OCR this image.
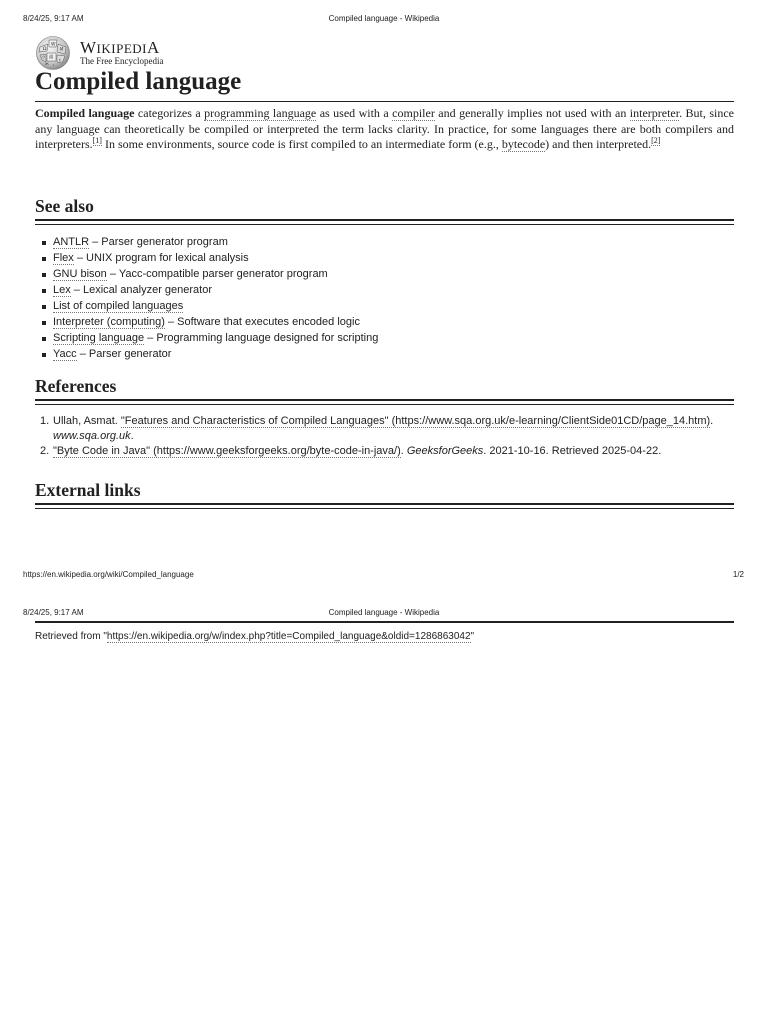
8/24/25, 9:17 AM	Compiled language - Wikipedia
Ω
W
И
維
ウ	ع
ו
Ж
WIKIPEDIA
The Free Encyclopedia
Compiled language

Compiled language categorizes a programming language as used with a compiler and generally implies not used with an interpreter. But, since any language can theoretically be compiled or interpreted the term lacks clarity. In practice, for some languages there are both compilers and interpreters.[1] In some environments, source code is first compiled to an intermediate form (e.g., bytecode) and then interpreted.[2]

See also
ANTLR – Parser generator program
Flex – UNIX program for lexical analysis
GNU bison – Yacc-compatible parser generator program
Lex – Lexical analyzer generator
List of compiled languages
Interpreter (computing) – Software that executes encoded logic
Scripting language – Programming language designed for scripting
Yacc – Parser generator
References
1. Ullah, Asmat. "Features and Characteristics of Compiled Languages" (https://www.sqa.org.uk/e-learning/ClientSide01CD/page_14.htm). www.sqa.org.uk.
2. "Byte Code in Java" (https://www.geeksforgeeks.org/byte-code-in-java/). GeeksforGeeks. 2021-10-16. Retrieved 2025-04-22.
External links
https://en.wikipedia.org/wiki/Compiled_language	1/2
8/24/25, 9:17 AM	Compiled language - Wikipedia
Retrieved from "https://en.wikipedia.org/w/index.php?title=Compiled_language&oldid=1286863042"
